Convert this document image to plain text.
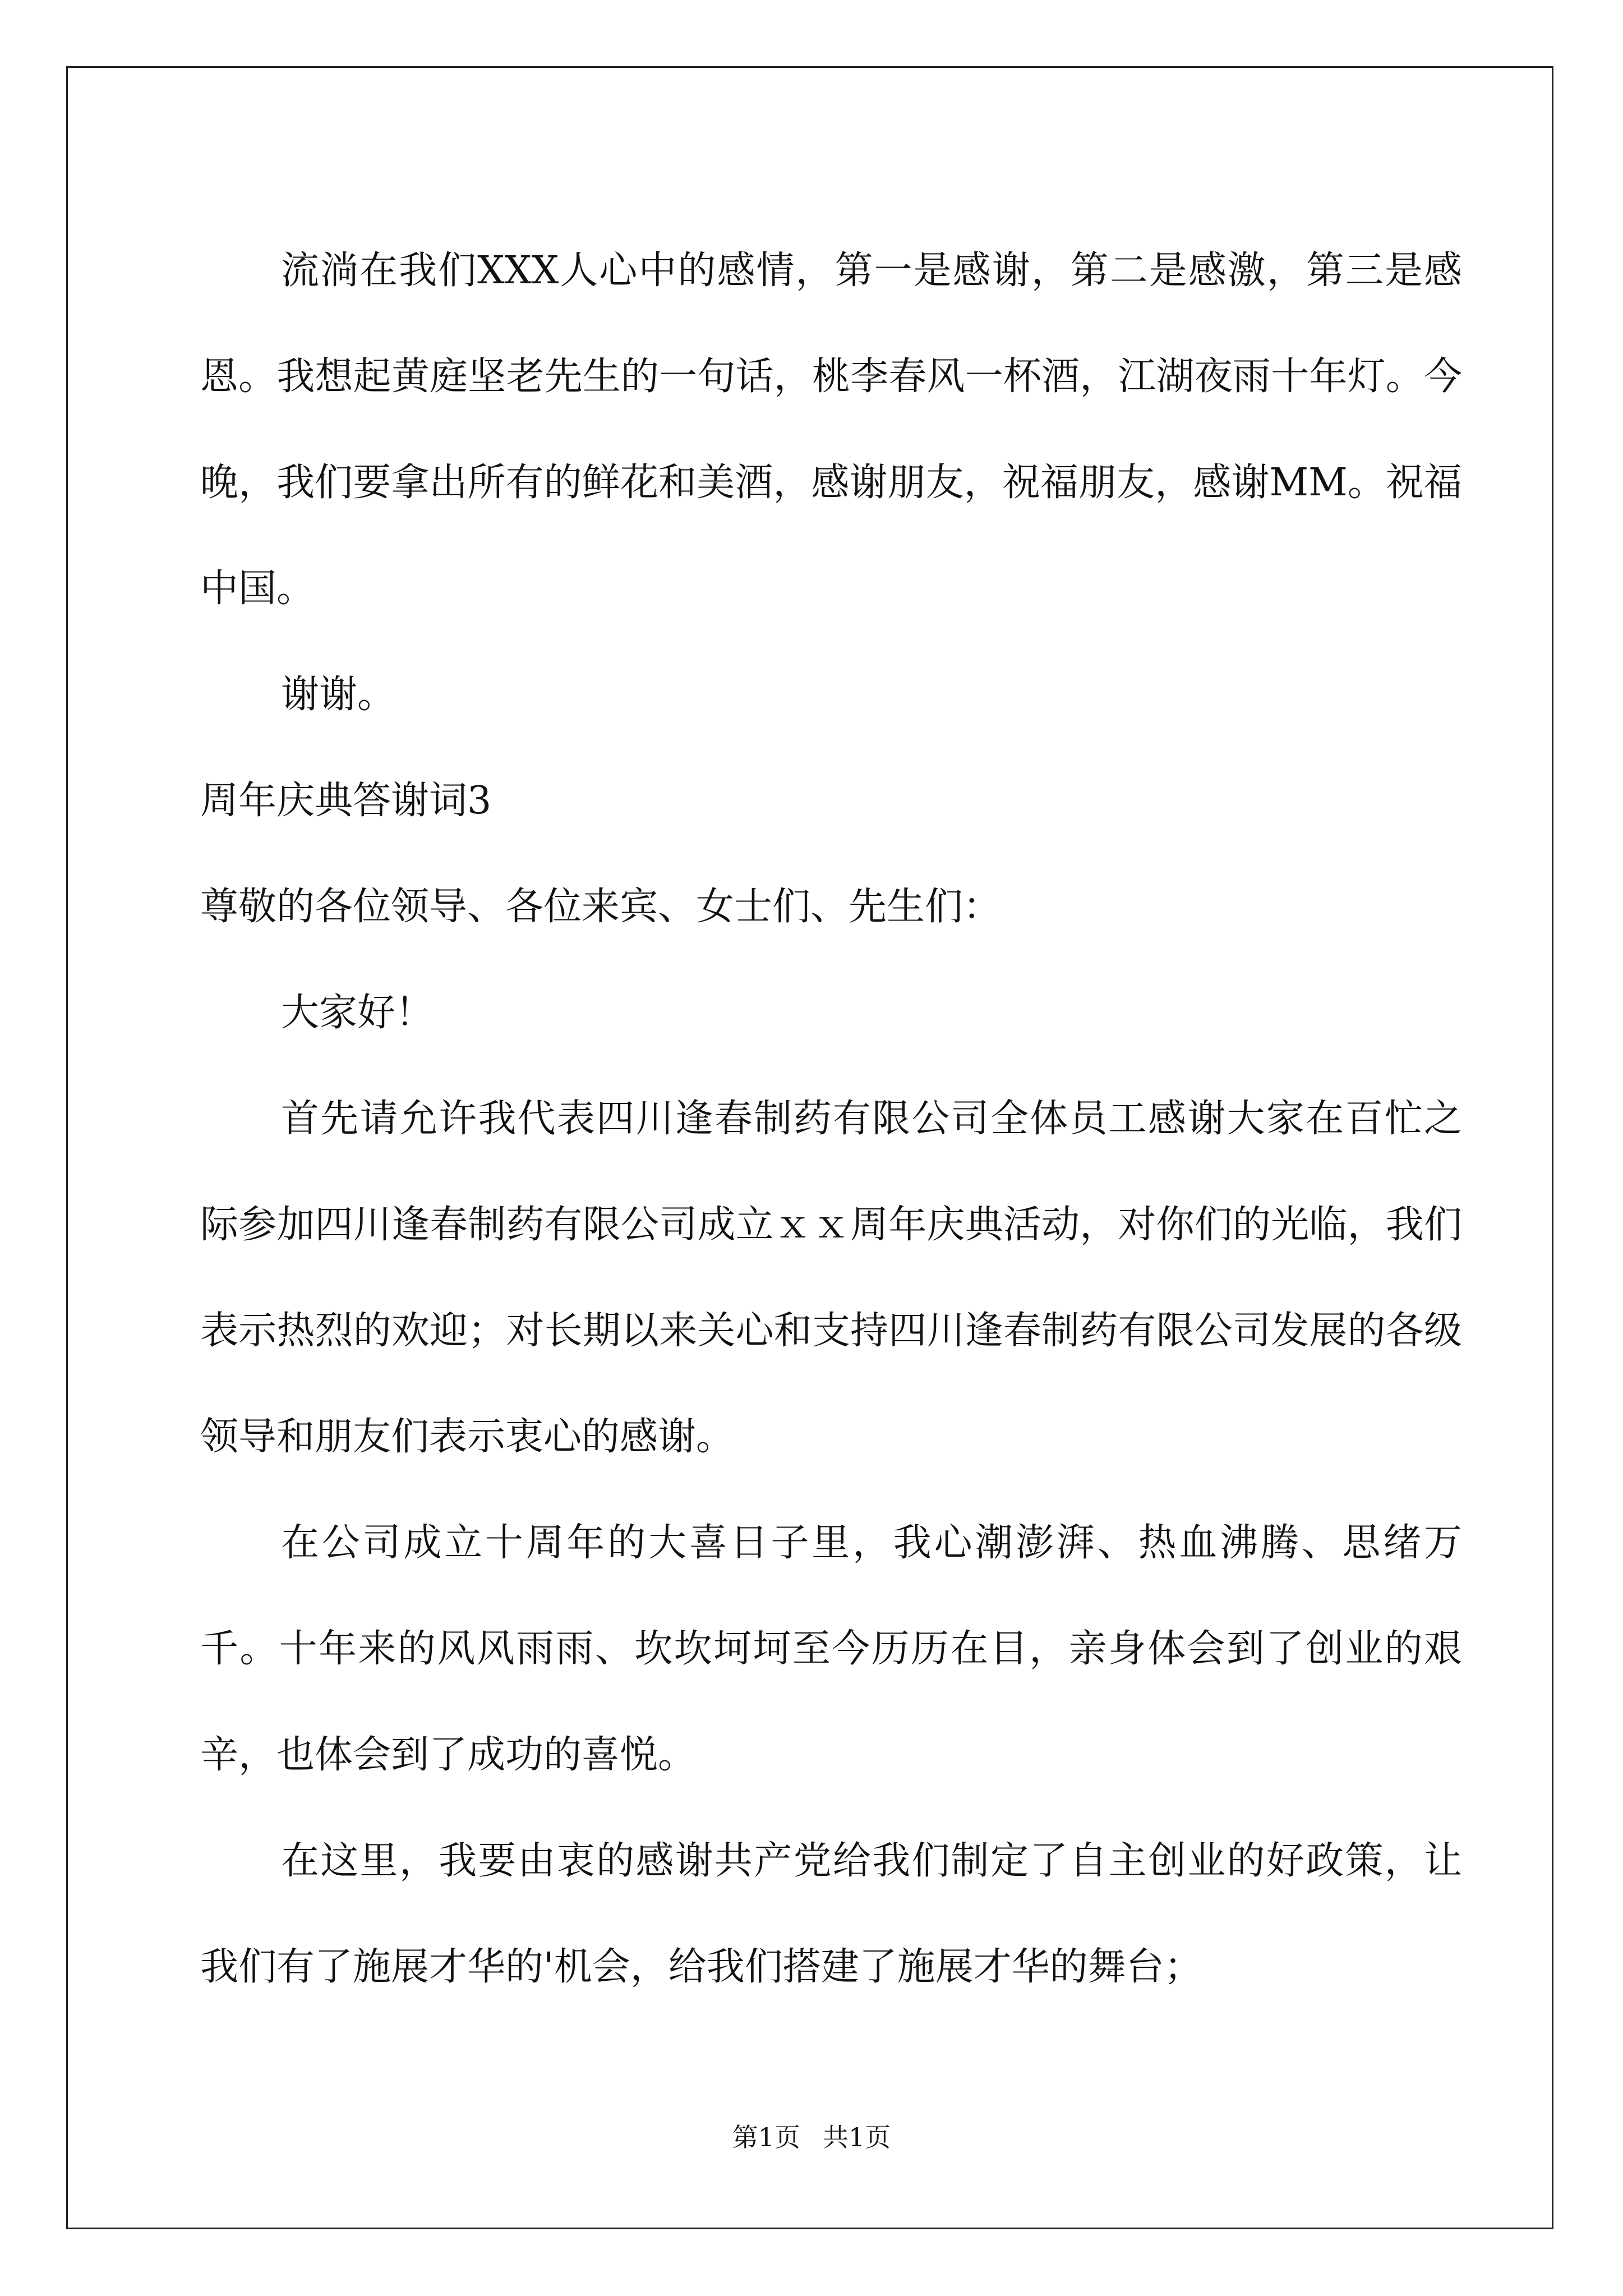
流淌在我们XXX人心中的感情，第一是感谢，第二是感激，第三是感恩。我想起黄庭坚老先生的一句话，桃李春风一杯酒，江湖夜雨十年灯。今晚，我们要拿出所有的鲜花和美酒，感谢朋友，祝福朋友，感谢MM。祝福中国。

谢谢。

周年庆典答谢词3

尊敬的各位领导、各位来宾、女士们、先生们：

大家好！

首先请允许我代表四川逢春制药有限公司全体员工感谢大家在百忙之际参加四川逢春制药有限公司成立ｘｘ周年庆典活动，对你们的光临，我们表示热烈的欢迎；对长期以来关心和支持四川逢春制药有限公司发展的各级领导和朋友们表示衷心的感谢。

在公司成立十周年的大喜日子里，我心潮澎湃、热血沸腾、思绪万千。十年来的风风雨雨、坎坎坷坷至今历历在目，亲身体会到了创业的艰辛，也体会到了成功的喜悦。

在这里，我要由衷的感谢共产党给我们制定了自主创业的好政策，让我们有了施展才华的'机会，给我们搭建了施展才华的舞台；

第1页 共1页
